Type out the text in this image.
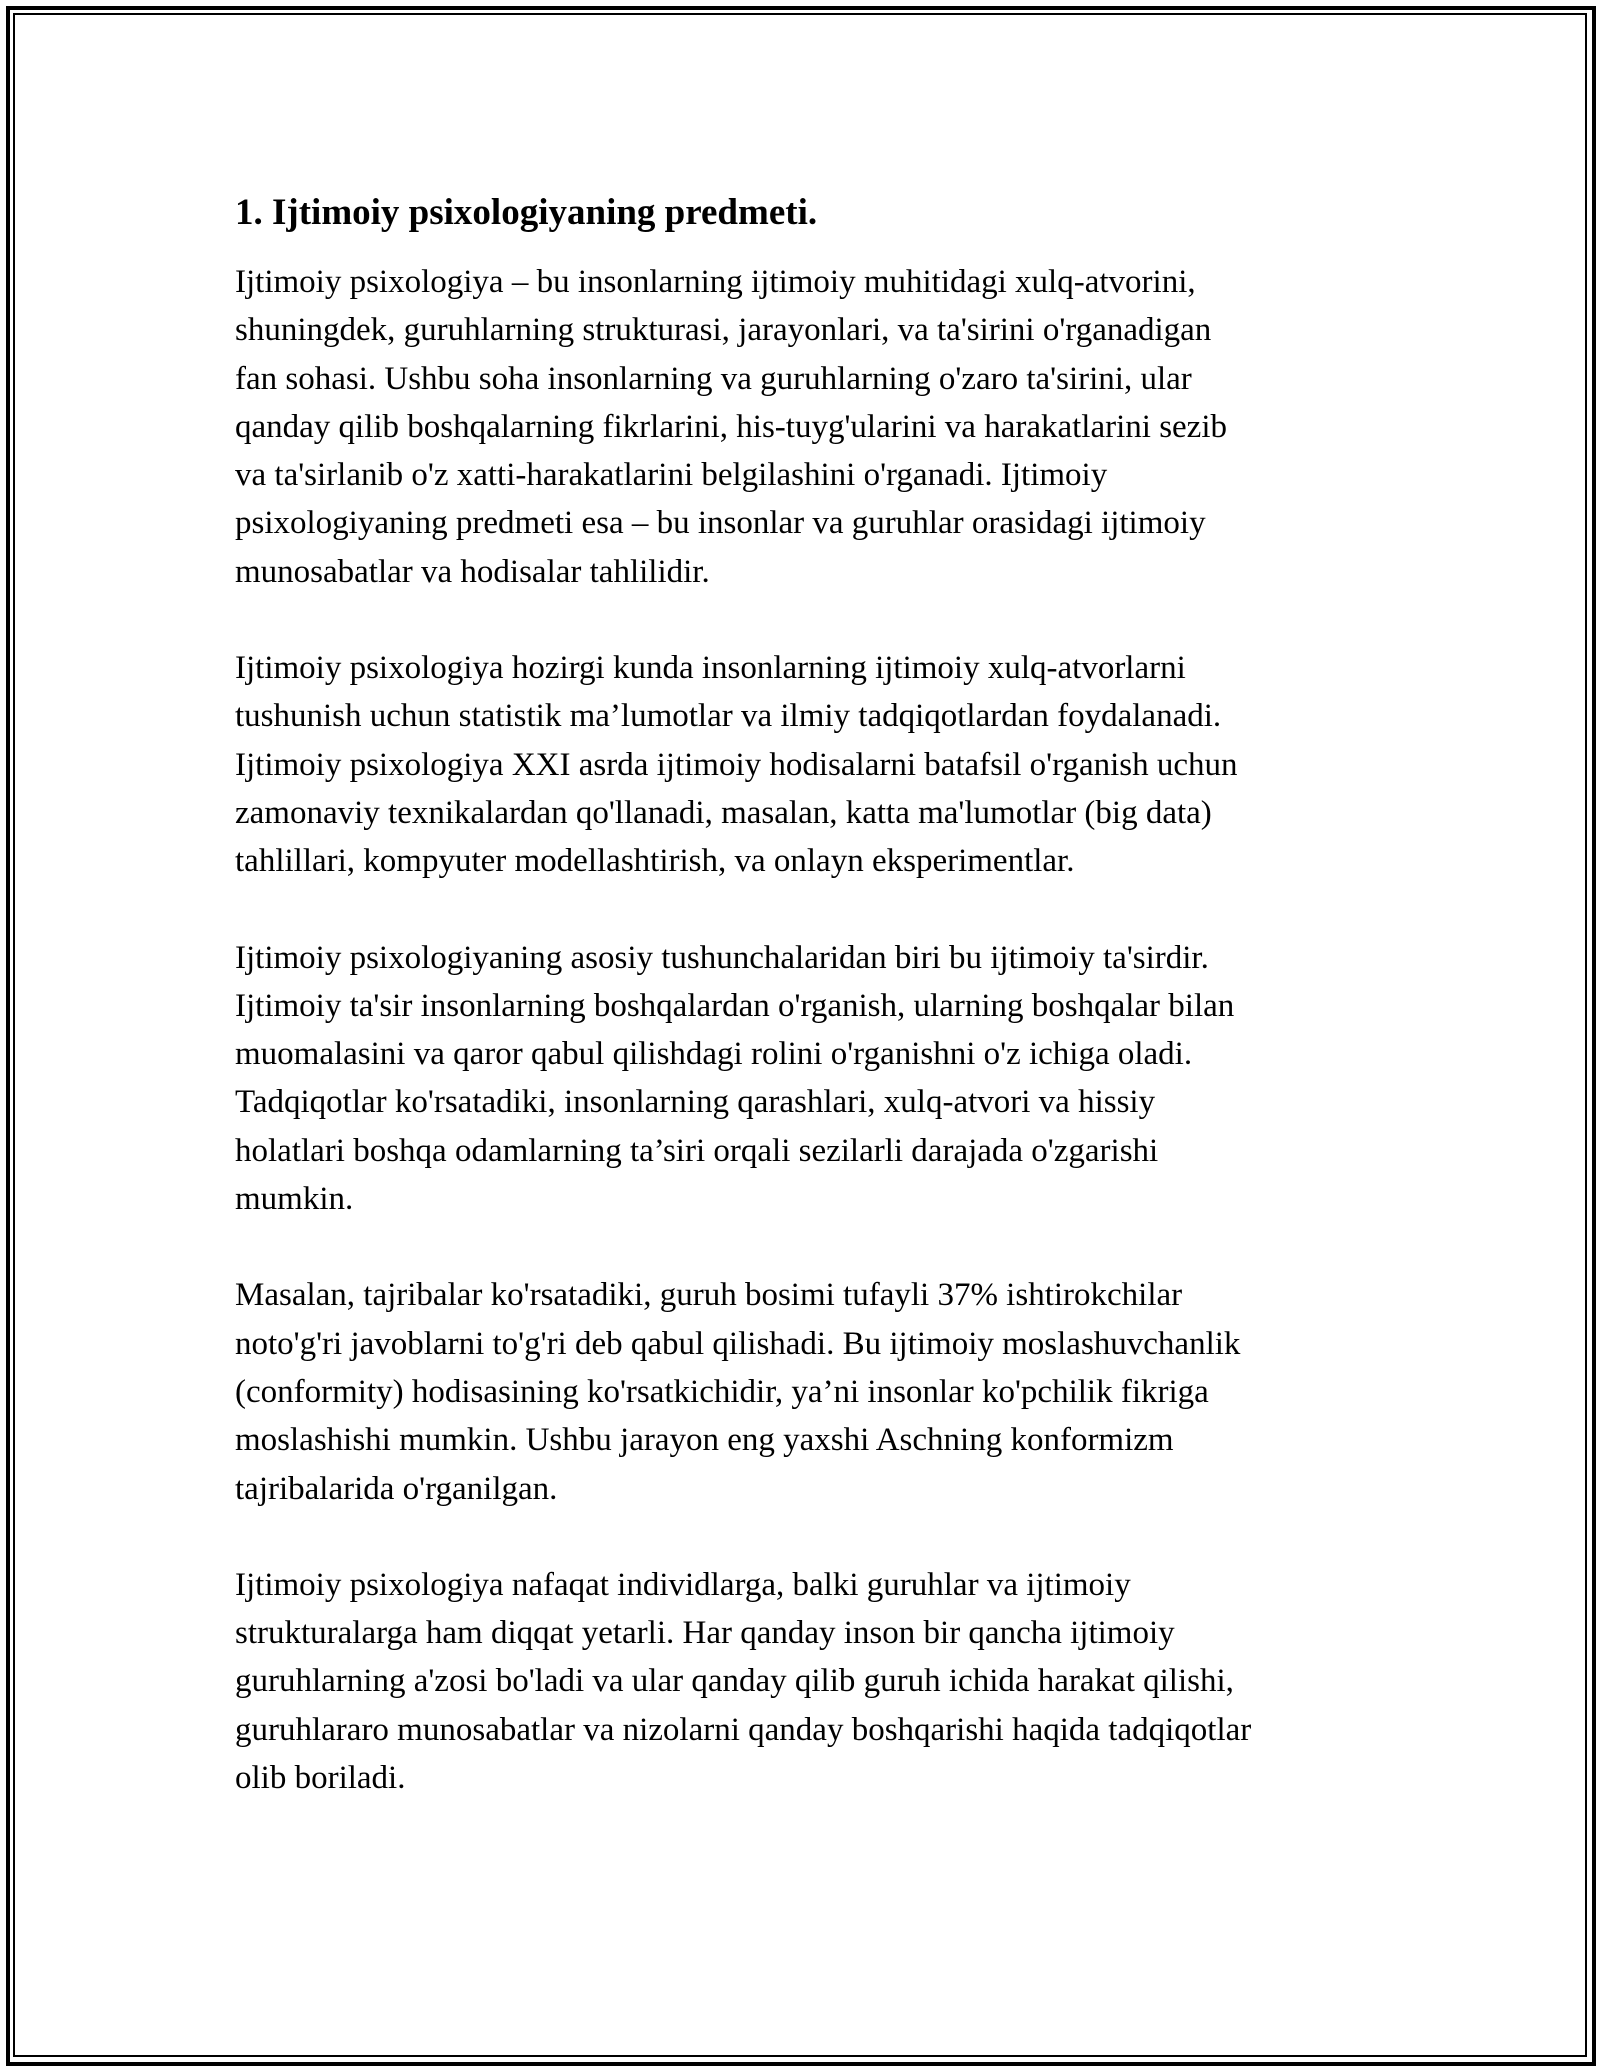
1. Ijtimoiy psixologiyaning predmeti.

Ijtimoiy psixologiya – bu insonlarning ijtimoiy muhitidagi xulq-atvorini,
shuningdek, guruhlarning strukturasi, jarayonlari, va ta'sirini o'rganadigan
fan sohasi. Ushbu soha insonlarning va guruhlarning o'zaro ta'sirini, ular
qanday qilib boshqalarning fikrlarini, his-tuyg'ularini va harakatlarini sezib
va ta'sirlanib o'z xatti-harakatlarini belgilashini o'rganadi. Ijtimoiy
psixologiyaning predmeti esa – bu insonlar va guruhlar orasidagi ijtimoiy
munosabatlar va hodisalar tahlilidir.

Ijtimoiy psixologiya hozirgi kunda insonlarning ijtimoiy xulq-atvorlarni
tushunish uchun statistik ma’lumotlar va ilmiy tadqiqotlardan foydalanadi.
Ijtimoiy psixologiya XXI asrda ijtimoiy hodisalarni batafsil o'rganish uchun
zamonaviy texnikalardan qo'llanadi, masalan, katta ma'lumotlar (big data)
tahlillari, kompyuter modellashtirish, va onlayn eksperimentlar.

Ijtimoiy psixologiyaning asosiy tushunchalaridan biri bu ijtimoiy ta'sirdir.
Ijtimoiy ta'sir insonlarning boshqalardan o'rganish, ularning boshqalar bilan
muomalasini va qaror qabul qilishdagi rolini o'rganishni o'z ichiga oladi.
Tadqiqotlar ko'rsatadiki, insonlarning qarashlari, xulq-atvori va hissiy
holatlari boshqa odamlarning ta’siri orqali sezilarli darajada o'zgarishi
mumkin.

Masalan, tajribalar ko'rsatadiki, guruh bosimi tufayli 37% ishtirokchilar
noto'g'ri javoblarni to'g'ri deb qabul qilishadi. Bu ijtimoiy moslashuvchanlik
(conformity) hodisasining ko'rsatkichidir, ya’ni insonlar ko'pchilik fikriga
moslashishi mumkin. Ushbu jarayon eng yaxshi Aschning konformizm
tajribalarida o'rganilgan.

Ijtimoiy psixologiya nafaqat individlarga, balki guruhlar va ijtimoiy
strukturalarga ham diqqat yetarli. Har qanday inson bir qancha ijtimoiy
guruhlarning a'zosi bo'ladi va ular qanday qilib guruh ichida harakat qilishi,
guruhlararo munosabatlar va nizolarni qanday boshqarishi haqida tadqiqotlar
olib boriladi.
